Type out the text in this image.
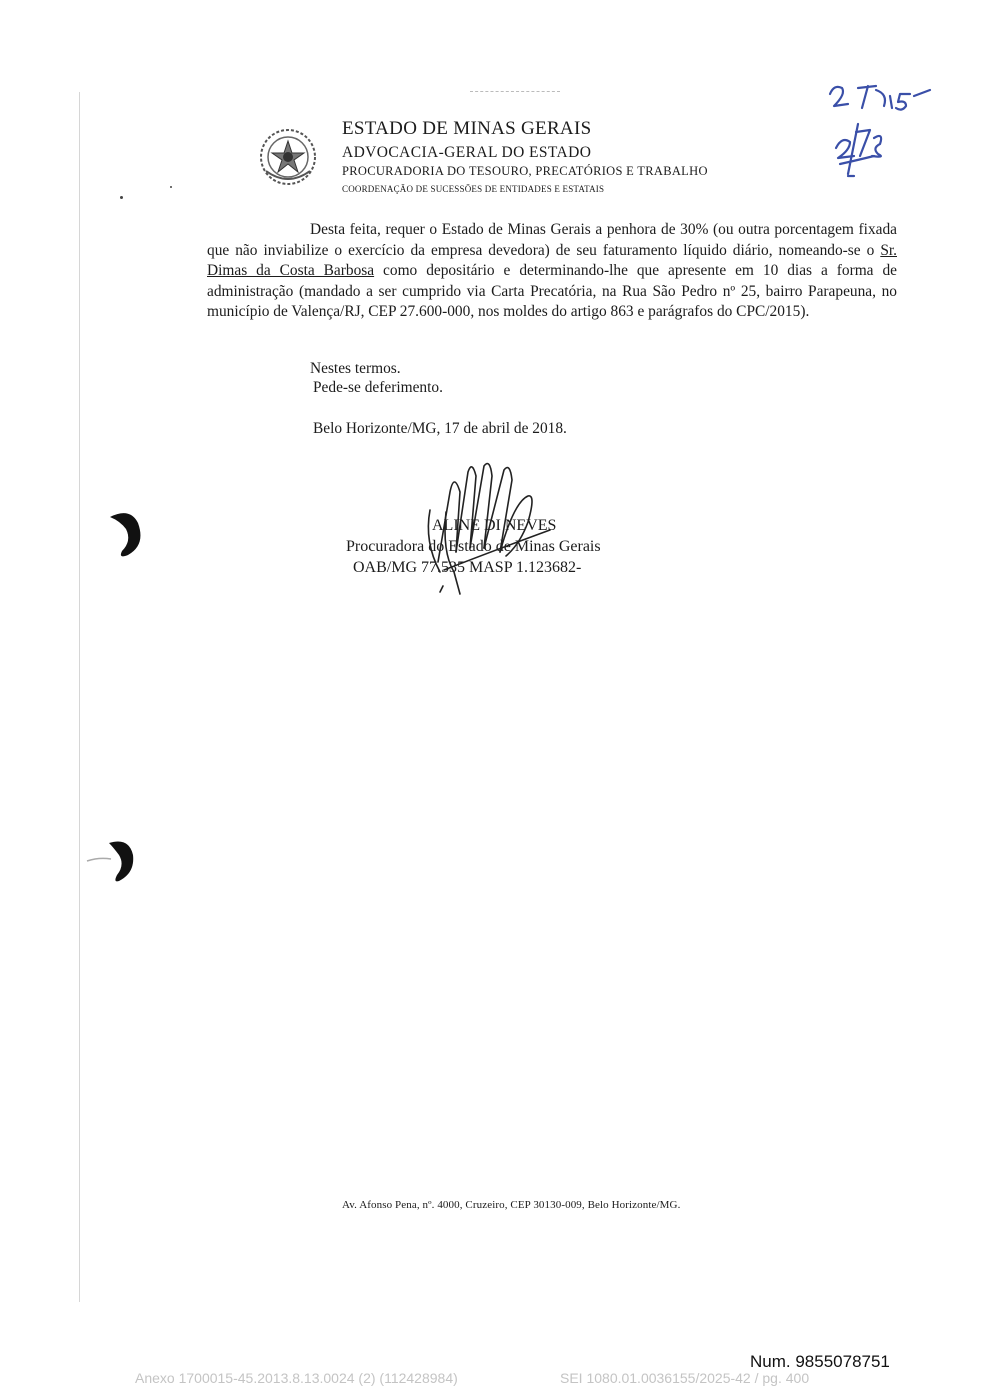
ESTADO DE MINAS GERAIS
ADVOCACIA-GERAL DO ESTADO
PROCURADORIA DO TESOURO, PRECATÓRIOS E TRABALHO
COORDENAÇÃO DE SUCESSÕES DE ENTIDADES E ESTATAIS
Desta feita, requer o Estado de Minas Gerais a penhora de 30% (ou outra porcentagem fixada que não inviabilize o exercício da empresa devedora) de seu faturamento líquido diário, nomeando-se o Sr. Dimas da Costa Barbosa como depositário e determinando-lhe que apresente em 10 dias a forma de administração (mandado a ser cumprido via Carta Precatória, na Rua São Pedro nº 25, bairro Parapeuna, no município de Valença/RJ, CEP 27.600-000, nos moldes do artigo 863 e parágrafos do CPC/2015).
Nestes termos.
Pede-se deferimento.
Belo Horizonte/MG, 17 de abril de 2018.
ALINE DI NEVES
Procuradora do Estado de Minas Gerais
OAB/MG 77.535 MASP 1.123682-
Av. Afonso Pena, nº. 4000, Cruzeiro, CEP 30130-009, Belo Horizonte/MG.
Num. 9855078751
Anexo 1700015-45.2013.8.13.0024 (2) (112428984)	SEI 1080.01.0036155/2025-42 / pg. 400
